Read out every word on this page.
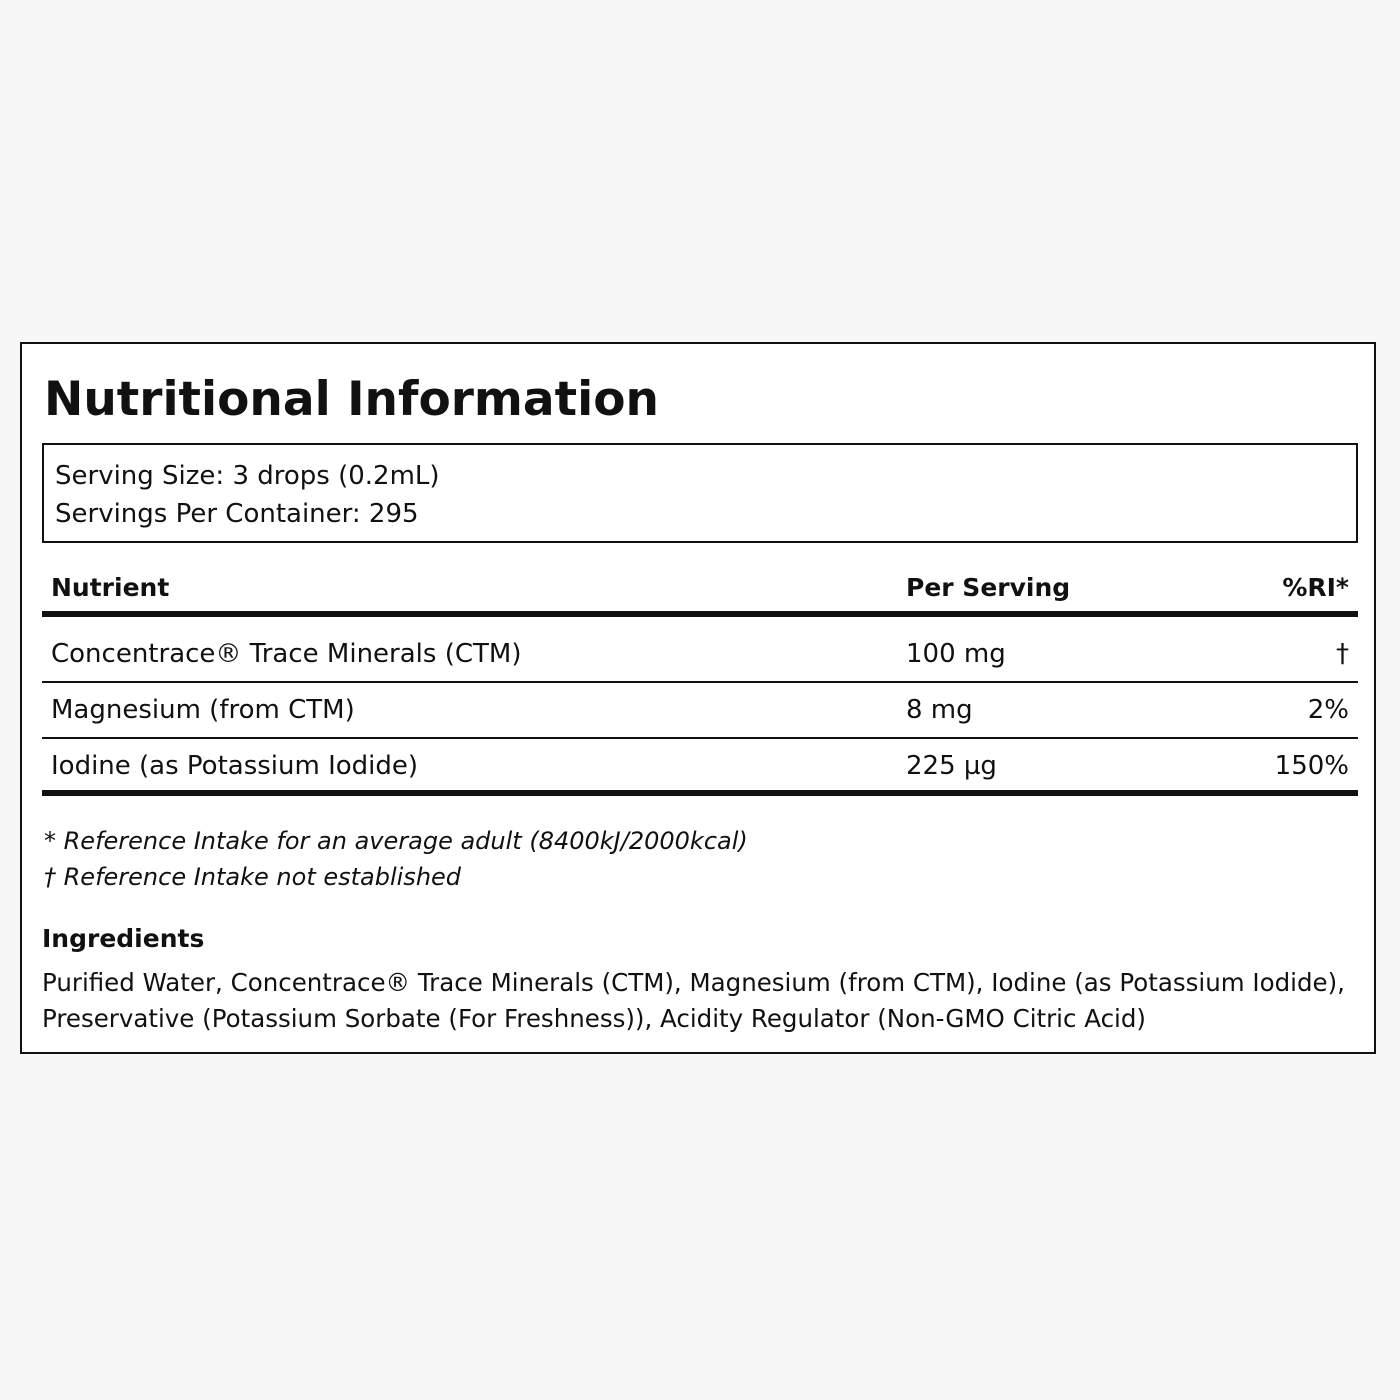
Nutritional Information
Serving Size: 3 drops (0.2mL)
Servings Per Container: 295
Nutrient	Per Serving	%RI*
Concentrace® Trace Minerals (CTM)	100 mg	†
Magnesium (from CTM)	8 mg	2%
Iodine (as Potassium Iodide)	225 µg	150%
* Reference Intake for an average adult (8400kJ/2000kcal)
† Reference Intake not established
Ingredients
Purified Water, Concentrace® Trace Minerals (CTM), Magnesium (from CTM), Iodine (as Potassium Iodide), Preservative (Potassium Sorbate (For Freshness)), Acidity Regulator (Non-GMO Citric Acid)
